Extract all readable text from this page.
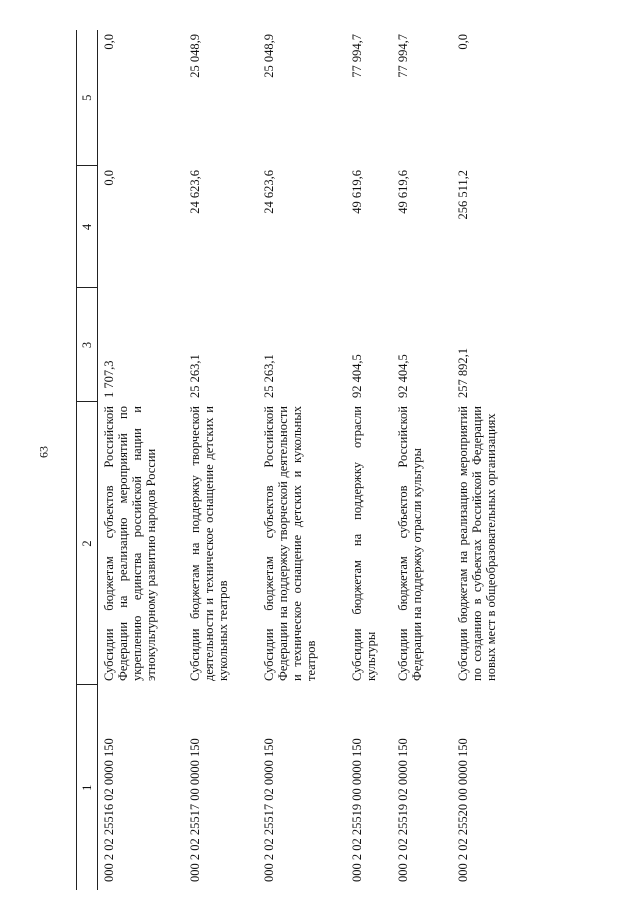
63
1	2	3	4	5
000 2 02 25516 02 0000 150	Субсидии бюджетам субъектов Российской Федерации на реализацию мероприятий по укреплению единства российской нации и этнокультурному развитию народов России	1 707,3	0,0	0,0
000 2 02 25517 00 0000 150	Субсидии бюджетам на поддержку творческой деятельности и техническое оснащение детских и кукольных театров	25 263,1	24 623,6	25 048,9
000 2 02 25517 02 0000 150	Субсидии бюджетам субъектов Российской Федерации на поддержку творческой деятельности и техническое оснащение детских и кукольных театров	25 263,1	24 623,6	25 048,9
000 2 02 25519 00 0000 150	Субсидии бюджетам на поддержку отрасли культуры	92 404,5	49 619,6	77 994,7
000 2 02 25519 02 0000 150	Субсидии бюджетам субъектов Российской Федерации на поддержку отрасли культуры	92 404,5	49 619,6	77 994,7
000 2 02 25520 00 0000 150	Субсидии бюджетам на реализацию мероприятий по созданию в субъектах Российской Федерации новых мест в общеобразовательных организациях	257 892,1	256 511,2	0,0
